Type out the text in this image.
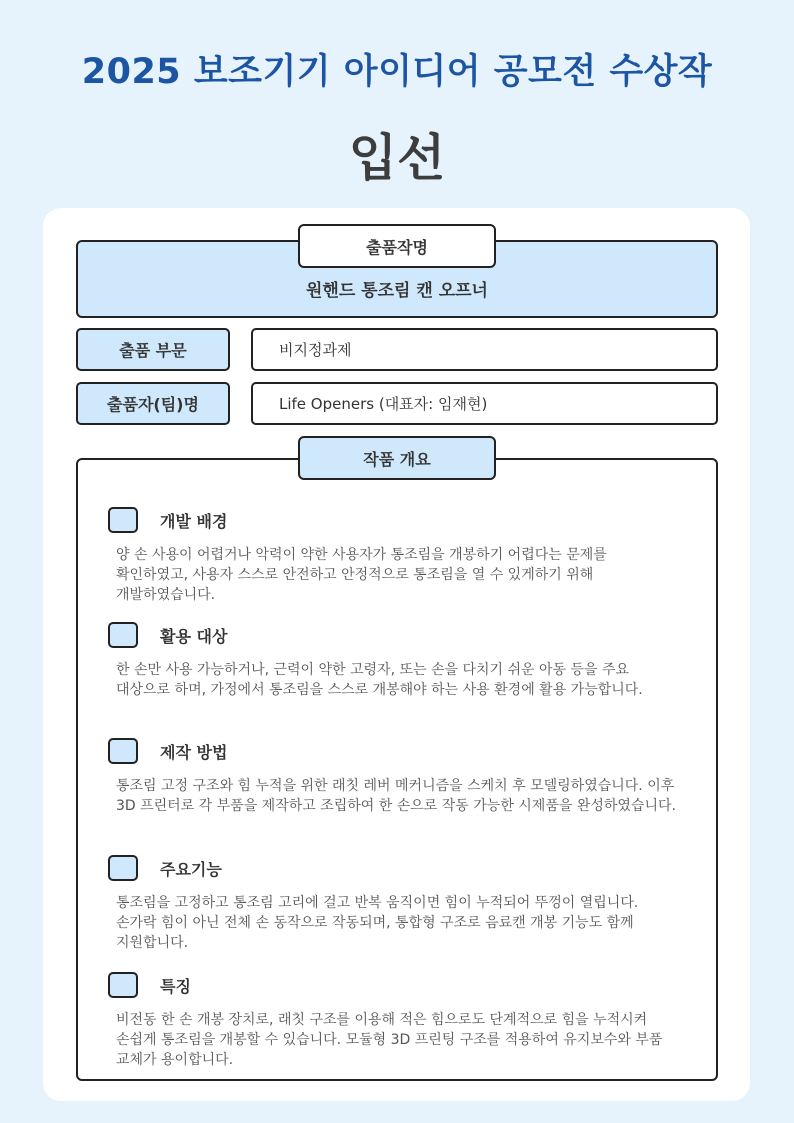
2025 보조기기 아이디어 공모전 수상작
입선
출품작명
원핸드 통조림 캔 오프너
출품 부문	비지정과제
출품자(팀)명	Life Openers (대표자: 임재현)
작품 개요
개발 배경
양 손 사용이 어렵거나 악력이 약한 사용자가 통조림을 개봉하기 어렵다는 문제를 확인하였고, 사용자 스스로 안전하고 안정적으로 통조림을 열 수 있게하기 위해 개발하였습니다.
활용 대상
한 손만 사용 가능하거나, 근력이 약한 고령자, 또는 손을 다치기 쉬운 아동 등을 주요 대상으로 하며, 가정에서 통조림을 스스로 개봉해야 하는 사용 환경에 활용 가능합니다.
제작 방법
통조림 고정 구조와 힘 누적을 위한 래칫 레버 메커니즘을 스케치 후 모델링하였습니다. 이후 3D 프린터로 각 부품을 제작하고 조립하여 한 손으로 작동 가능한 시제품을 완성하였습니다.
주요기능
통조림을 고정하고 통조림 고리에 걸고 반복 움직이면 힘이 누적되어 뚜껑이 열립니다. 손가락 힘이 아닌 전체 손 동작으로 작동되며, 통합형 구조로 음료캔 개봉 기능도 함께 지원합니다.
특징
비전동 한 손 개봉 장치로, 래칫 구조를 이용해 적은 힘으로도 단계적으로 힘을 누적시켜 손쉽게 통조림을 개봉할 수 있습니다. 모듈형 3D 프린팅 구조를 적용하여 유지보수와 부품 교체가 용이합니다.
